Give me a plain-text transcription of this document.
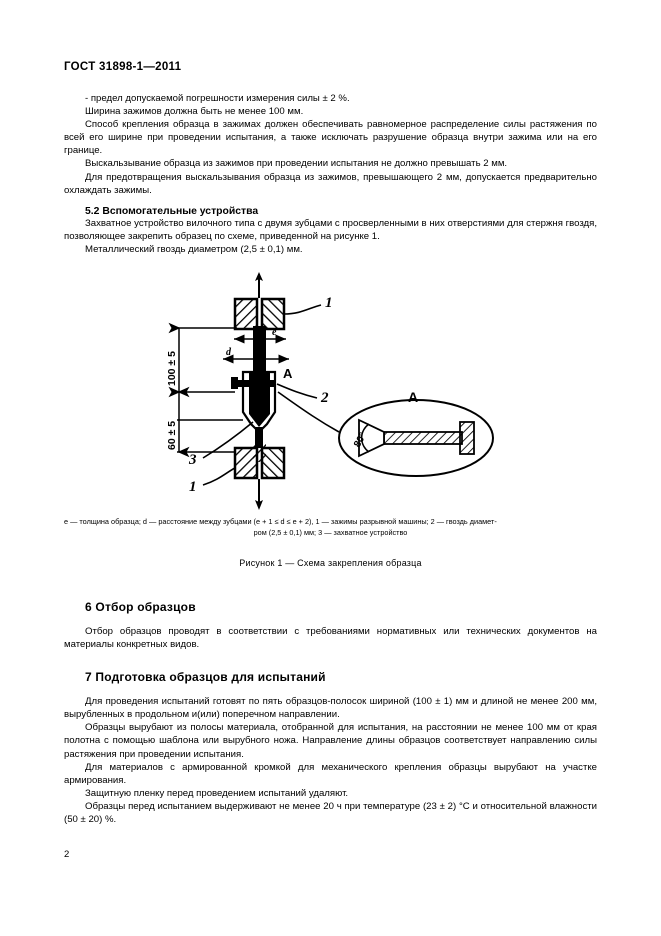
ГОСТ 31898-1—2011

- предел допускаемой погрешности измерения силы ± 2 %.

Ширина зажимов должна быть не менее 100 мм.

Способ крепления образца в зажимах должен обеспечивать равномерное распределение силы растяжения по всей его ширине при проведении испытания, а также исключать разрушение образца внутри зажима или на его границе.

Выскальзывание образца из зажимов при проведении испытания не должно превышать 2 мм.

Для предотвращения выскальзывания образца из зажимов, превышающего 2 мм, допускается предварительно охлаждать зажимы.

5.2 Вспомогательные устройства

Захватное устройство вилочного типа с двумя зубцами с просверленными в них отверстиями для стержня гвоздя, позволяющее закрепить образец по схеме, приведенной на рисунке 1.

Металлический гвоздь диаметром (2,5 ± 0,1) мм.

1
e
d
A
2
100 ± 5
60 ± 5
3
1
A
80°
e — толщина образца; d — расстояние между зубцами (e + 1 ≤ d ≤ e + 2), 1 — зажимы разрывной машины; 2 — гвоздь диамет-
ром (2,5 ± 0,1) мм; 3 — захватное устройство
Рисунок 1 — Схема закрепления образца
6 Отбор образцов

Отбор образцов проводят в соответствии с требованиями нормативных или технических документов на материалы конкретных видов.

7 Подготовка образцов для испытаний

Для проведения испытаний готовят по пять образцов-полосок шириной (100 ± 1) мм и длиной не менее 200 мм, вырубленных в продольном и(или) поперечном направлении.

Образцы вырубают из полосы материала, отобранной для испытания, на расстоянии не менее 100 мм от края полотна с помощью шаблона или вырубного ножа. Направление длины образцов соответствует направлению силы растяжения при проведении испытания.

Для материалов с армированной кромкой для механического крепления образцы вырубают на участке армирования.

Защитную пленку перед проведением испытаний удаляют.

Образцы перед испытанием выдерживают не менее 20 ч при температуре (23 ± 2) °С и относительной влажности (50 ± 20) %.

2
